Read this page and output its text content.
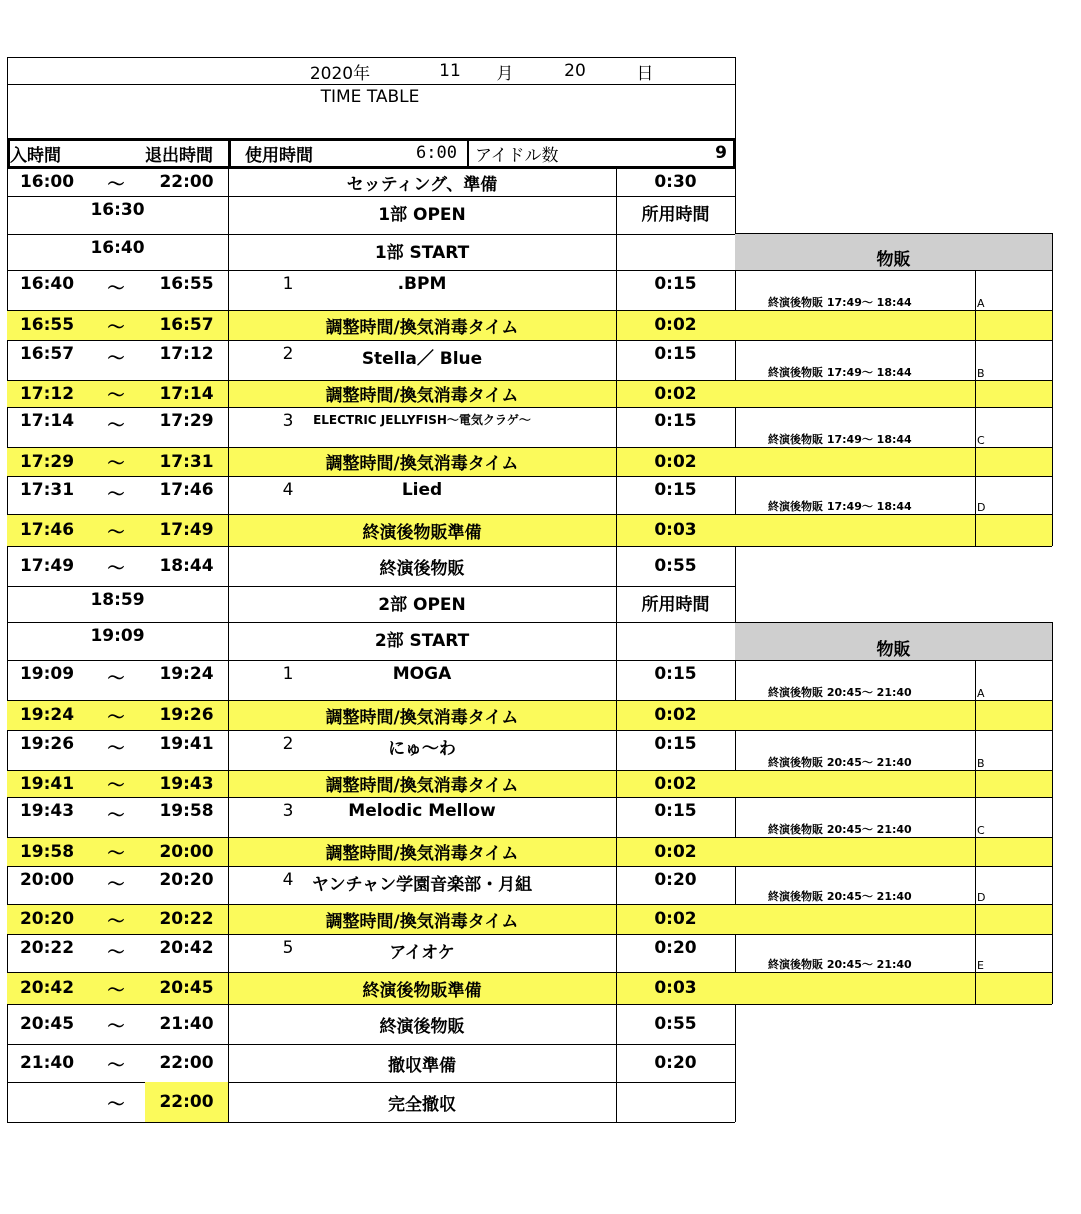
2020年	11	月	20	日
TIME TABLE
入時間	退出時間	使用時間	6:00	アイドル数	9
16:00	〜	22:00	セッティング、準備	0:30
16:30	1部 OPEN	所用時間
16:40	1部 START
16:40	〜	16:55	1	.BPM	0:15
16:55	〜	16:57	調整時間/換気消毒タイム	0:02
16:57	〜	17:12	2	Stella／ Blue	0:15
17:12	〜	17:14	調整時間/換気消毒タイム	0:02
17:14	〜	17:29	3	ELECTRIC JELLYFISH〜電気クラゲ〜	0:15
17:29	〜	17:31	調整時間/換気消毒タイム	0:02
17:31	〜	17:46	4	Lied	0:15
17:46	〜	17:49	終演後物販準備	0:03
17:49	〜	18:44	終演後物販	0:55
18:59	2部 OPEN	所用時間
19:09	2部 START
19:09	〜	19:24	1	MOGA	0:15
19:24	〜	19:26	調整時間/換気消毒タイム	0:02
19:26	〜	19:41	2	にゅ〜わ	0:15
19:41	〜	19:43	調整時間/換気消毒タイム	0:02
19:43	〜	19:58	3	Melodic Mellow	0:15
19:58	〜	20:00	調整時間/換気消毒タイム	0:02
20:00	〜	20:20	4	ヤンチャン学園音楽部・月組	0:20
20:20	〜	20:22	調整時間/換気消毒タイム	0:02
20:22	〜	20:42	5	アイオケ	0:20
20:42	〜	20:45	終演後物販準備	0:03
20:45	〜	21:40	終演後物販	0:55
21:40	〜	22:00	撤収準備	0:20
〜	22:00	完全撤収
物販
終演後物販 17:49〜 18:44	A
終演後物販 17:49〜 18:44	B
終演後物販 17:49〜 18:44	C
終演後物販 17:49〜 18:44	D
物販
終演後物販 20:45〜 21:40	A
終演後物販 20:45〜 21:40	B
終演後物販 20:45〜 21:40	C
終演後物販 20:45〜 21:40	D
終演後物販 20:45〜 21:40	E
